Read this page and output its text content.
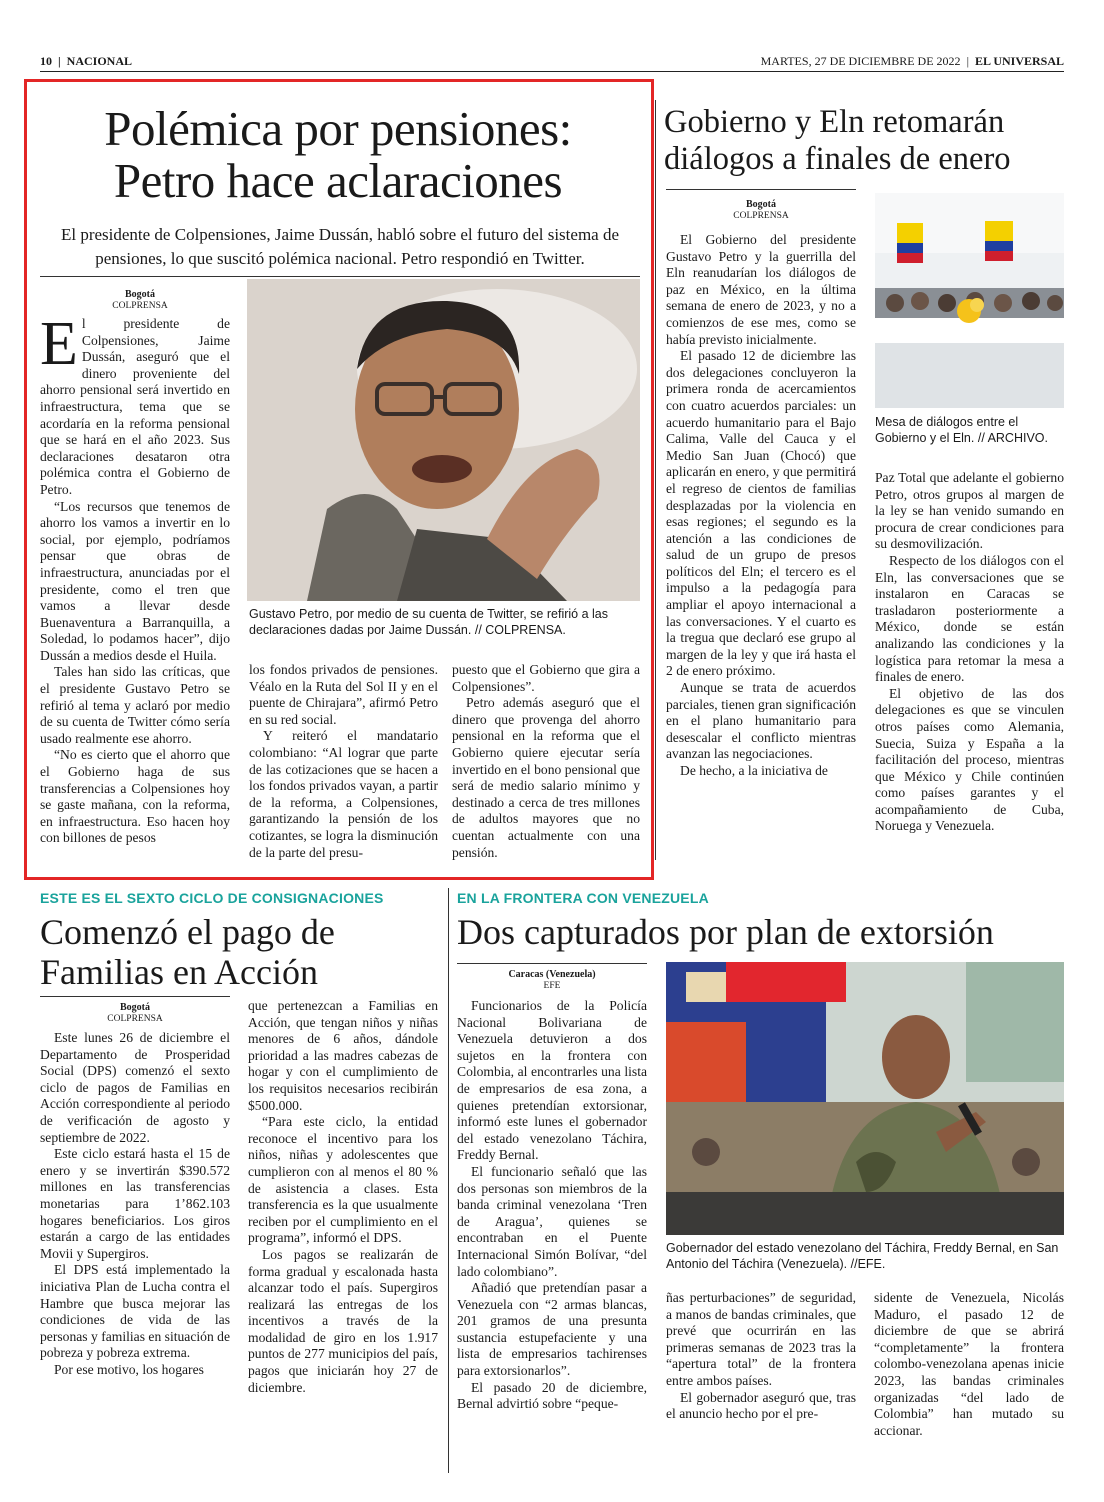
10 | NACIONAL	MARTES, 27 DE DICIEMBRE DE 2022 | EL UNIVERSAL
Polémica por pensiones:
Petro hace aclaraciones
El presidente de Colpensiones, Jaime Dussán, habló sobre el futuro del sistema de pensiones, lo que suscitó polémica nacional. Petro respondió en Twitter.
Bogotá
COLPRENSA

El presidente de Colpensiones, Jaime Dussán, aseguró que el dinero proveniente del ahorro pensional será invertido en infraestructura, tema que se acordaría en la reforma pensional que se hará en el año 2023. Sus declaraciones desataron otra polémica contra el Gobierno de Petro.

“Los recursos que tenemos de ahorro los vamos a invertir en lo social, por ejemplo, podríamos pensar que obras de infraestructura, anunciadas por el presidente, como el tren que vamos a llevar desde Buenaventura a Barranquilla, a Soledad, lo podamos hacer”, dijo Dussán a medios desde el Huila.

Tales han sido las críticas, que el presidente Gustavo Petro se refirió al tema y aclaró por medio de su cuenta de Twitter cómo sería usado realmente ese ahorro.

“No es cierto que el ahorro que el Gobierno haga de sus transferencias a Colpensiones hoy se gaste mañana, con la reforma, en infraestructura. Eso hacen hoy con billones de pesos

Gustavo Petro, por medio de su cuenta de Twitter, se refirió a las declaraciones dadas por Jaime Dussán. // COLPRENSA.

los fondos privados de pensiones. Véalo en la Ruta del Sol II y en el puente de Chirajara”, afirmó Petro en su red social.

Y reiteró el mandatario colombiano: “Al lograr que parte de las cotizaciones que se hacen a los fondos privados vayan, a partir de la reforma, a Colpensiones, garantizando la pensión de los cotizantes, se logra la disminución de la parte del presu-

puesto que el Gobierno que gira a Colpensiones”.

Petro además aseguró que el dinero que provenga del ahorro pensional en la reforma que el Gobierno quiere ejecutar sería invertido en el bono pensional que será de medio salario mínimo y destinado a cerca de tres millones de adultos mayores que no cuentan actualmente con una pensión.

Gobierno y Eln retomarán diálogos a finales de enero
Bogotá
COLPRENSA

El Gobierno del presidente Gustavo Petro y la guerrilla del Eln reanudarían los diálogos de paz en México, en la última semana de enero de 2023, y no a comienzos de ese mes, como se había previsto inicialmente.

El pasado 12 de diciembre las dos delegaciones concluyeron la primera ronda de acercamientos con cuatro acuerdos parciales: un acuerdo humanitario para el Bajo Calima, Valle del Cauca y el Medio San Juan (Chocó) que aplicarán en enero, y que permitirá el regreso de cientos de familias desplazadas por la violencia en esas regiones; el segundo es la atención a las condiciones de salud de un grupo de presos políticos del Eln; el tercero es el impulso a la pedagogía para ampliar el apoyo internacional a las conversaciones. Y el cuarto es la tregua que declaró ese grupo al margen de la ley y que irá hasta el 2 de enero próximo.

Aunque se trata de acuerdos parciales, tienen gran significación en el plano humanitario para desescalar el conflicto mientras avanzan las negociaciones.

De hecho, a la iniciativa de

Mesa de diálogos entre el Gobierno y el Eln. // ARCHIVO.

Paz Total que adelante el gobierno Petro, otros grupos al margen de la ley se han venido sumando en procura de crear condiciones para su desmovilización.

Respecto de los diálogos con el Eln, las conversaciones que se instalaron en Caracas se trasladaron posteriormente a México, donde se están analizando las condiciones y la logística para retomar la mesa a finales de enero.

El objetivo de las dos delegaciones es que se vinculen otros países como Alemania, Suecia, Suiza y España a la facilitación del proceso, mientras que México y Chile continúen como países garantes y el acompañamiento de Cuba, Noruega y Venezuela.

ESTE ES EL SEXTO CICLO DE CONSIGNACIONES
Comenzó el pago de
Familias en Acción
Bogotá
COLPRENSA

Este lunes 26 de diciembre el Departamento de Prosperidad Social (DPS) comenzó el sexto ciclo de pagos de Familias en Acción correspondiente al periodo de verificación de agosto y septiembre de 2022.

Este ciclo estará hasta el 15 de enero y se invertirán $390.572 millones en las transferencias monetarias para 1’862.103 hogares beneficiarios. Los giros estarán a cargo de las entidades Movii y Supergiros.

El DPS está implementado la iniciativa Plan de Lucha contra el Hambre que busca mejorar las condiciones de vida de las personas y familias en situación de pobreza y pobreza extrema.

Por ese motivo, los hogares

que pertenezcan a Familias en Acción, que tengan niños y niñas menores de 6 años, dándole prioridad a las madres cabezas de hogar y con el cumplimiento de los requisitos necesarios recibirán $500.000.

“Para este ciclo, la entidad reconoce el incentivo para los niños, niñas y adolescentes que cumplieron con al menos el 80 % de asistencia a clases. Esta transferencia es la que usualmente reciben por el cumplimiento en el programa”, informó el DPS.

Los pagos se realizarán de forma gradual y escalonada hasta alcanzar todo el país. Supergiros realizará las entregas de los incentivos a través de la modalidad de giro en los 1.917 puntos de 277 municipios del país, pagos que iniciarán hoy 27 de diciembre.

EN LA FRONTERA CON VENEZUELA
Dos capturados por plan de extorsión
Caracas (Venezuela)
EFE

Funcionarios de la Policía Nacional Bolivariana de Venezuela detuvieron a dos sujetos en la frontera con Colombia, al encontrarles una lista de empresarios de esa zona, a quienes pretendían extorsionar, informó este lunes el gobernador del estado venezolano Táchira, Freddy Bernal.

El funcionario señaló que las dos personas son miembros de la banda criminal venezolana ‘Tren de Aragua’, quienes se encontraban en el Puente Internacional Simón Bolívar, “del lado colombiano”.

Añadió que pretendían pasar a Venezuela con “2 armas blancas, 201 gramos de una presunta sustancia estupefaciente y una lista de empresarios tachirenses para extorsionarlos”.

El pasado 20 de diciembre, Bernal advirtió sobre “peque-

Gobernador del estado venezolano del Táchira, Freddy Bernal, en San Antonio del Táchira (Venezuela). //EFE.

ñas perturbaciones” de seguridad, a manos de bandas criminales, que prevé que ocurrirán en las primeras semanas de 2023 tras la “apertura total” de la frontera entre ambos países.

El gobernador aseguró que, tras el anuncio hecho por el pre-

sidente de Venezuela, Nicolás Maduro, el pasado 12 de diciembre de que se abrirá “completamente” la frontera colombo-venezolana apenas inicie 2023, las bandas criminales organizadas “del lado de Colombia” han mutado su accionar.
